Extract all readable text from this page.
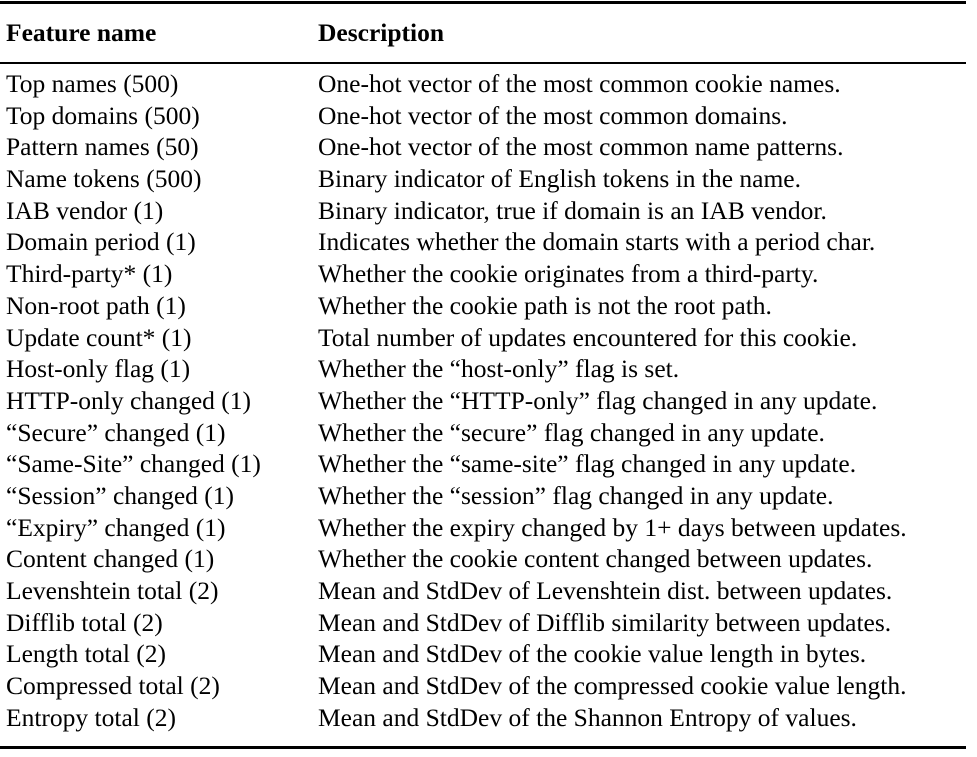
Feature name	Description
Top names (500)	One-hot vector of the most common cookie names.
Top domains (500)	One-hot vector of the most common domains.
Pattern names (50)	One-hot vector of the most common name patterns.
Name tokens (500)	Binary indicator of English tokens in the name.
IAB vendor (1)	Binary indicator, true if domain is an IAB vendor.
Domain period (1)	Indicates whether the domain starts with a period char.
Third-party* (1)	Whether the cookie originates from a third-party.
Non-root path (1)	Whether the cookie path is not the root path.
Update count* (1)	Total number of updates encountered for this cookie.
Host-only flag (1)	Whether the “host-only” flag is set.
HTTP-only changed (1)	Whether the “HTTP-only” flag changed in any update.
“Secure” changed (1)	Whether the “secure” flag changed in any update.
“Same-Site” changed (1) Whether the “same-site” flag changed in any update.
“Session” changed (1)	Whether the “session” flag changed in any update.
“Expiry” changed (1)	Whether the expiry changed by 1+ days between updates.
Content changed (1)	Whether the cookie content changed between updates.
Levenshtein total (2)	Mean and StdDev of Levenshtein dist. between updates.
Difflib total (2)	Mean and StdDev of Difflib similarity between updates.
Length total (2)	Mean and StdDev of the cookie value length in bytes.
Compressed total (2)	Mean and StdDev of the compressed cookie value length.
Entropy total (2)	Mean and StdDev of the Shannon Entropy of values.
